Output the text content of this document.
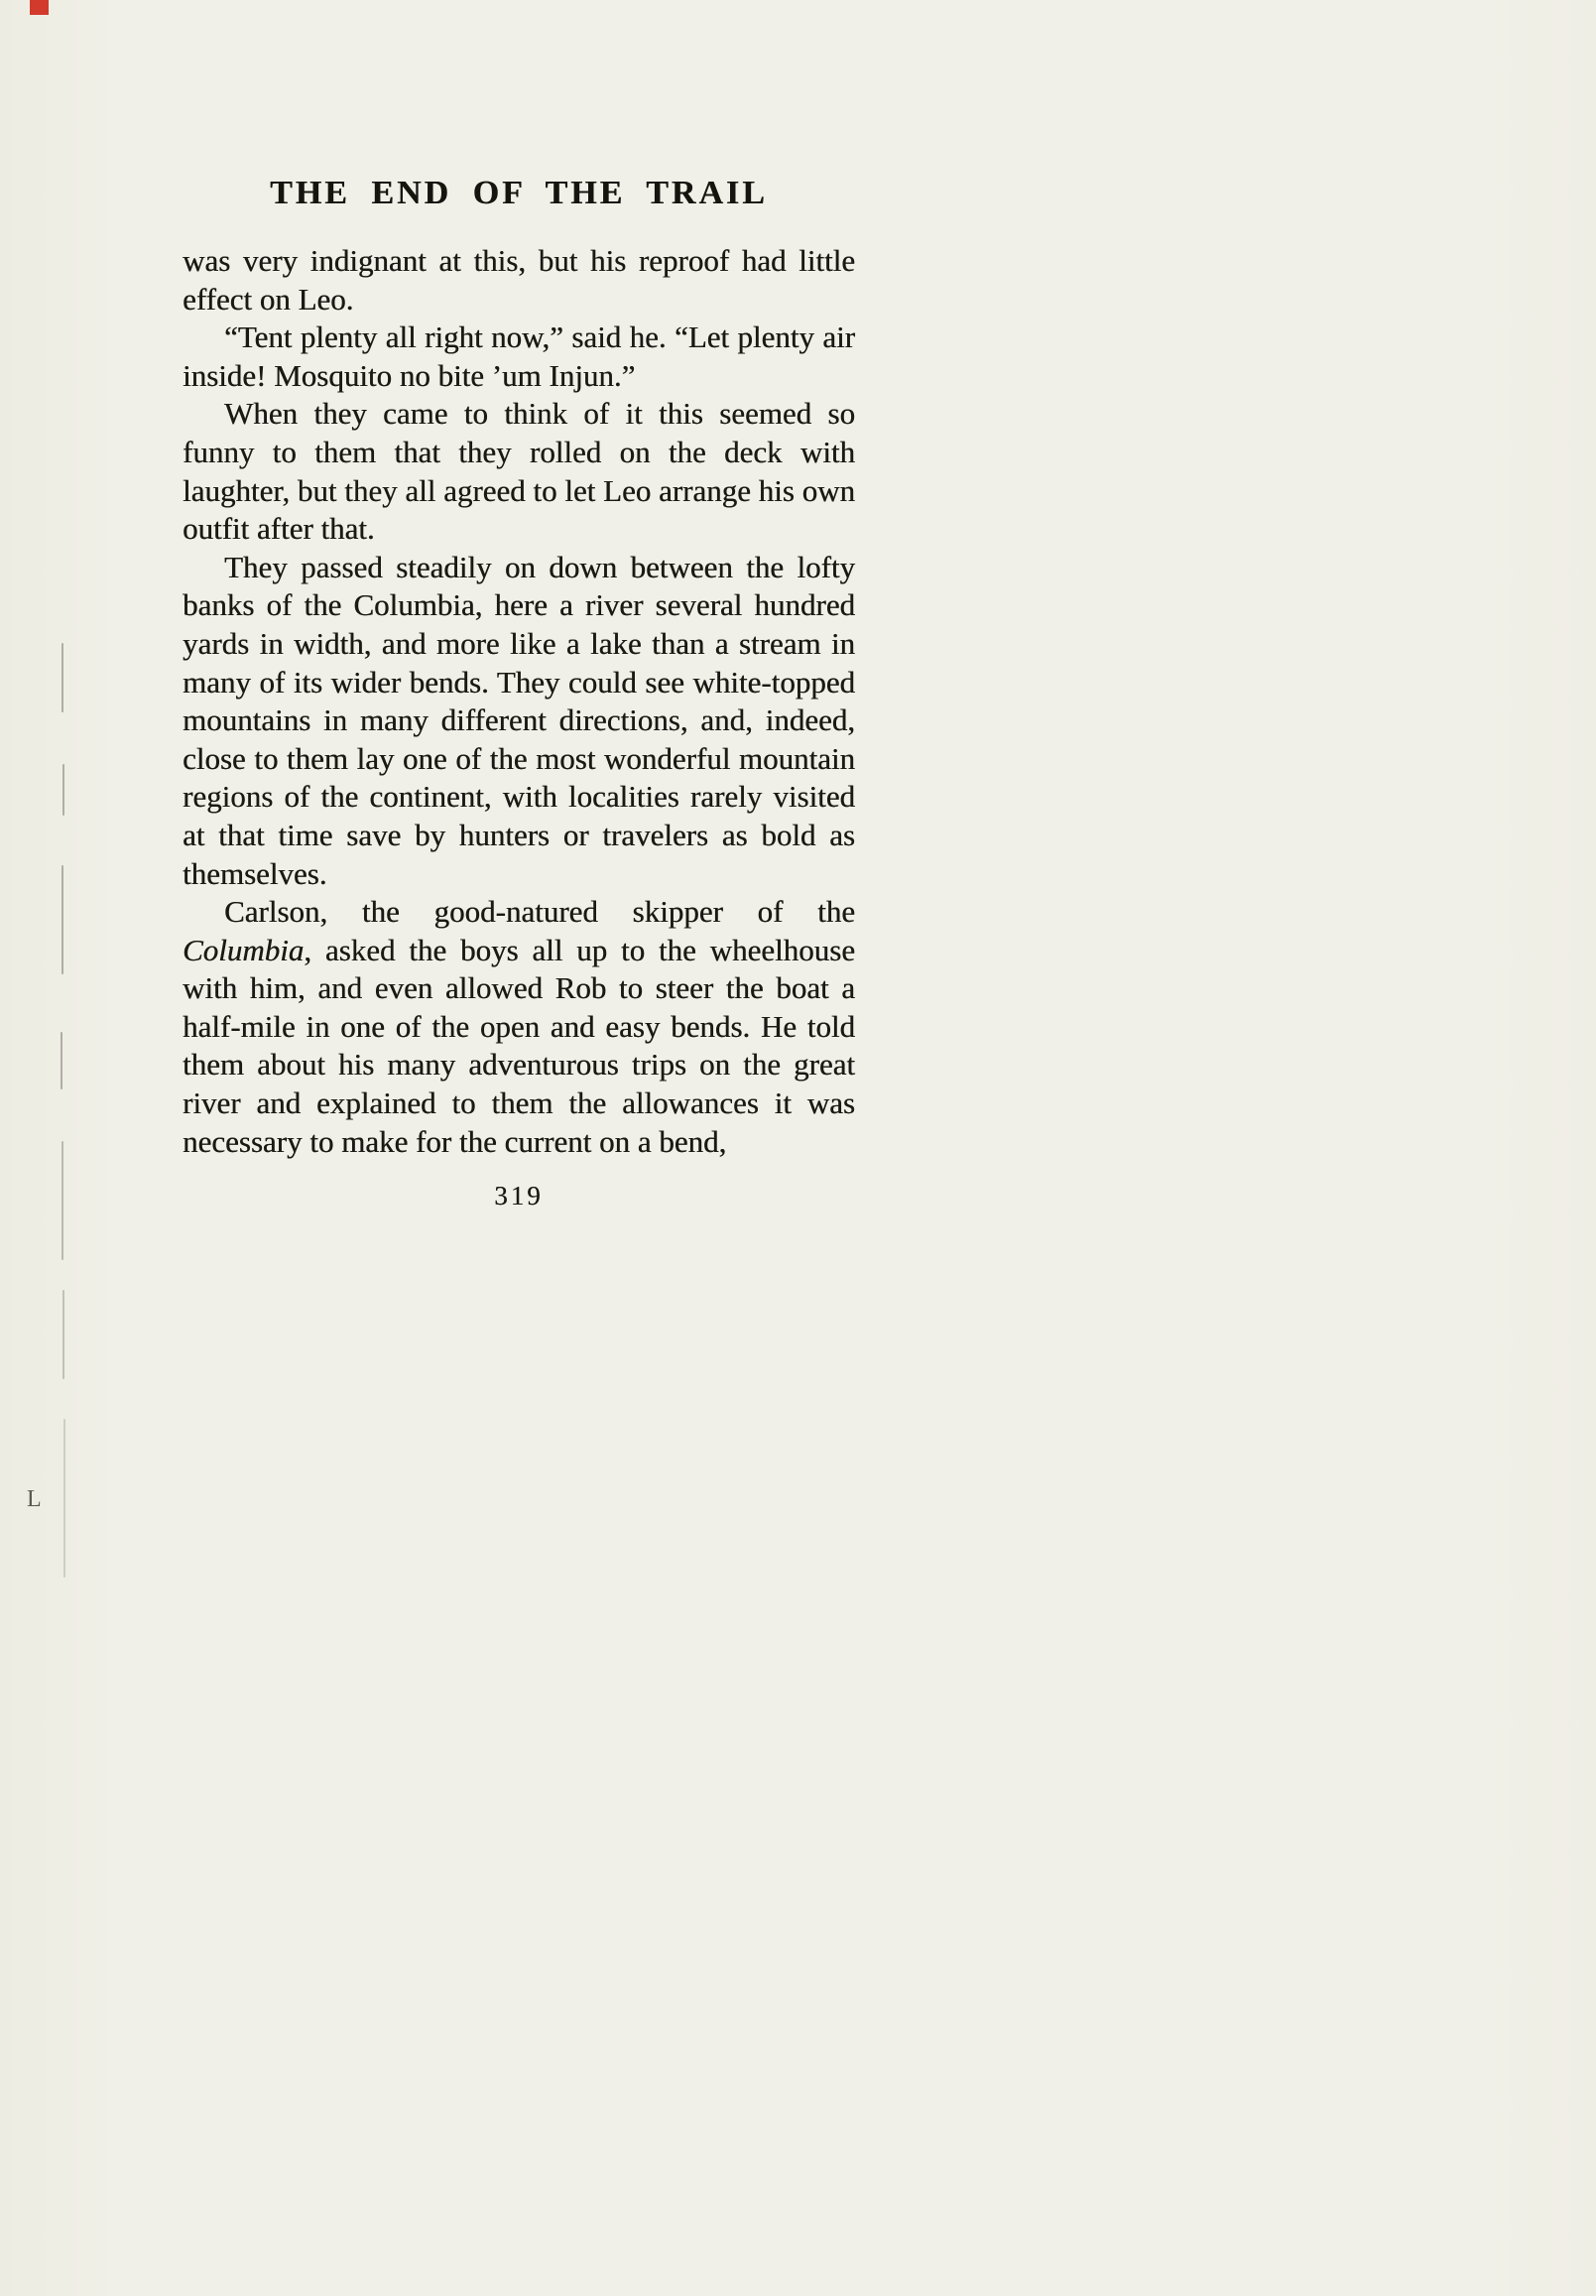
L
THE END OF THE TRAIL

was very indignant at this, but his reproof had little effect on Leo.

“Tent plenty all right now,” said he. “Let plenty air inside! Mosquito no bite ’um Injun.”

When they came to think of it this seemed so funny to them that they rolled on the deck with laughter, but they all agreed to let Leo arrange his own outfit after that.

They passed steadily on down between the lofty banks of the Columbia, here a river several hundred yards in width, and more like a lake than a stream in many of its wider bends. They could see white-topped mountains in many different directions, and, indeed, close to them lay one of the most wonderful mountain regions of the continent, with localities rarely visited at that time save by hunters or travelers as bold as themselves.

Carlson, the good-natured skipper of the Columbia, asked the boys all up to the wheelhouse with him, and even allowed Rob to steer the boat a half-mile in one of the open and easy bends. He told them about his many adventurous trips on the great river and explained to them the allowances it was necessary to make for the current on a bend,

319
